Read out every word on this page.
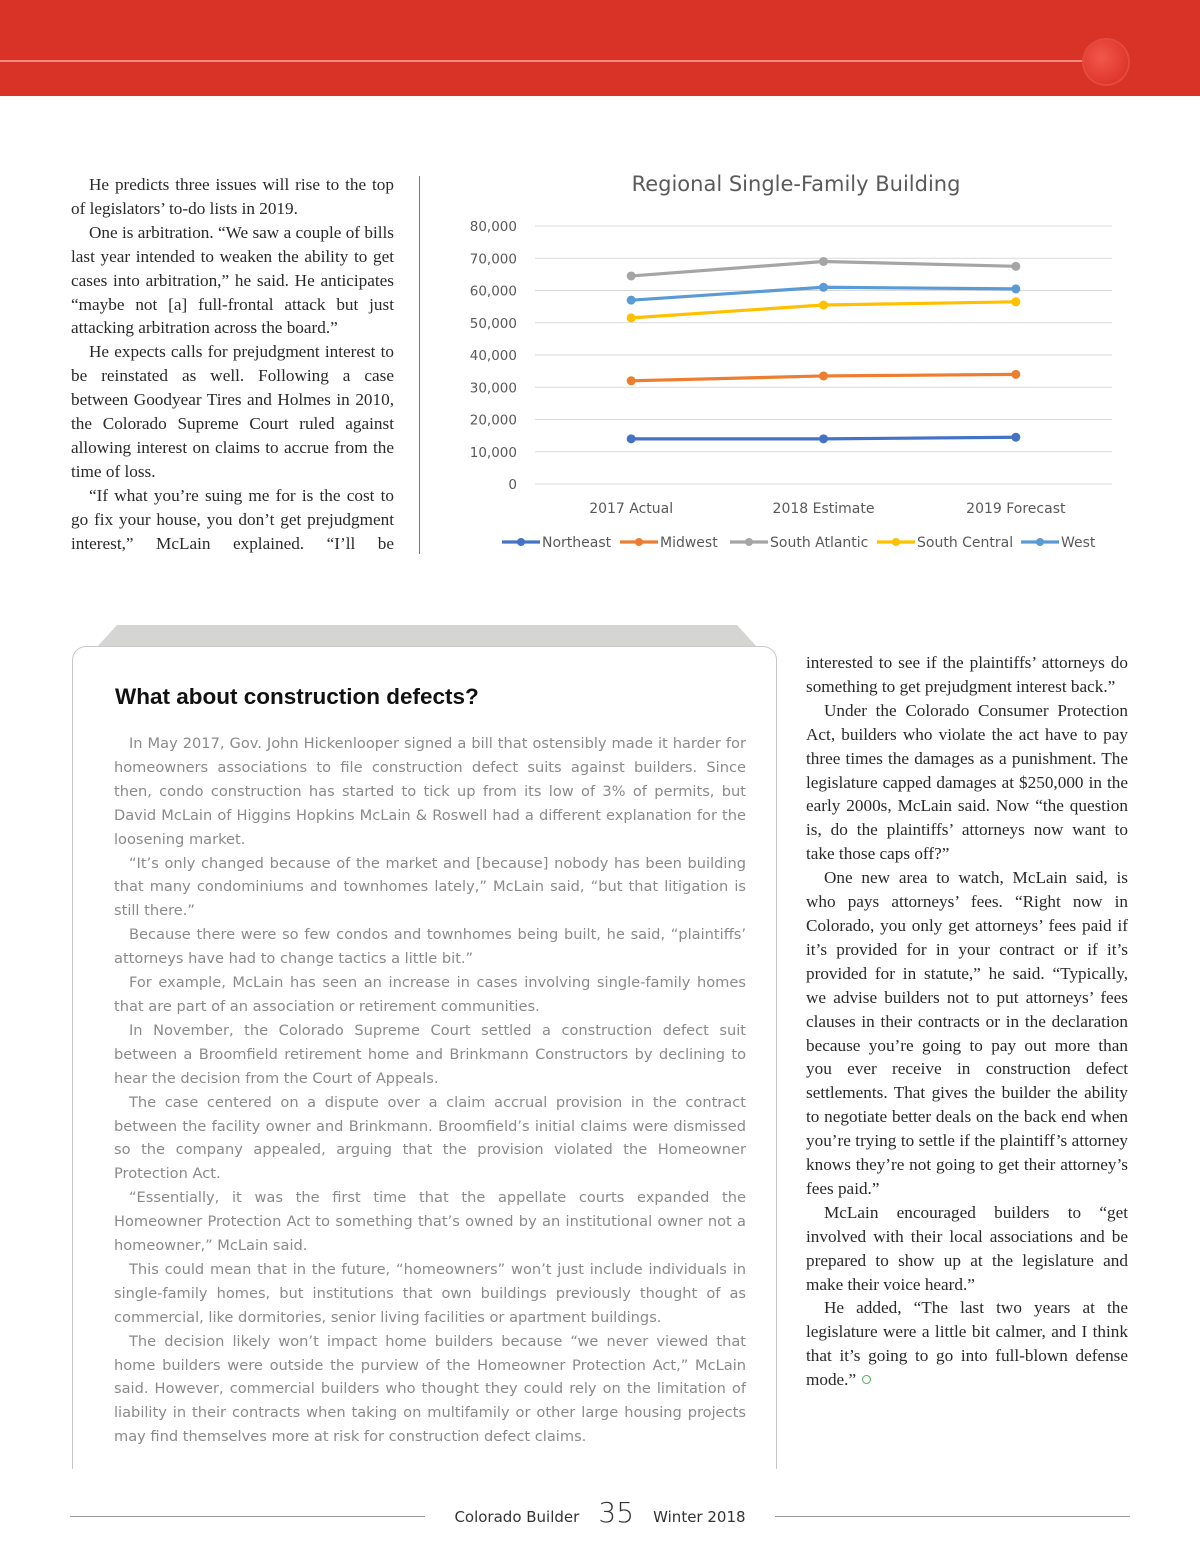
He predicts three issues will rise to the top of legislators’ to-do lists in 2019.

One is arbitration. “We saw a couple of bills last year intended to weaken the ability to get cases into arbitration,” he said. He anticipates “maybe not [a] full-frontal attack but just attacking arbitration across the board.”

He expects calls for prejudgment interest to be reinstated as well. Following a case between Goodyear Tires and Holmes in 2010, the Colorado Supreme Court ruled against allowing interest on claims to accrue from the time of loss.

“If what you’re suing me for is the cost to go fix your house, you don’t get prejudgment interest,” McLain explained. “I’ll be

Regional Single-Family Building
0
10,000
20,000
30,000
40,000
50,000
60,000
70,000
80,000
2017 Actual	2018 Estimate	2019 Forecast
Northeast	Midwest	South Atlantic	South Central	West
What about construction defects?

In May 2017, Gov. John Hickenlooper signed a bill that ostensibly made it harder for homeowners associations to file construction defect suits against builders. Since then, condo construction has started to tick up from its low of 3% of permits, but David McLain of Higgins Hopkins McLain & Roswell had a different explanation for the loosening market.

“It’s only changed because of the market and [because] nobody has been building that many condominiums and townhomes lately,” McLain said, “but that litigation is still there.”

Because there were so few condos and townhomes being built, he said, “plaintiffs’ attorneys have had to change tactics a little bit.”

For example, McLain has seen an increase in cases involving single-family homes that are part of an association or retirement communities.

In November, the Colorado Supreme Court settled a construction defect suit between a Broomfield retirement home and Brinkmann Constructors by declining to hear the decision from the Court of Appeals.

The case centered on a dispute over a claim accrual provision in the contract between the facility owner and Brinkmann. Broomfield’s initial claims were dismissed so the company appealed, arguing that the provision violated the Homeowner Protection Act.

“Essentially, it was the first time that the appellate courts expanded the Homeowner Protection Act to something that’s owned by an institutional owner not a homeowner,” McLain said.

This could mean that in the future, “homeowners” won’t just include individuals in single-family homes, but institutions that own buildings previously thought of as commercial, like dormitories, senior living facilities or apartment buildings.

The decision likely won’t impact home builders because “we never viewed that home builders were outside the purview of the Homeowner Protection Act,” McLain said. However, commercial builders who thought they could rely on the limitation of liability in their contracts when taking on multifamily or other large housing projects may find themselves more at risk for construction defect claims.

interested to see if the plaintiffs’ attorneys do something to get prejudgment interest back.”

Under the Colorado Consumer Protection Act, builders who violate the act have to pay three times the damages as a punishment. The legislature capped damages at $250,000 in the early 2000s, McLain said. Now “the question is, do the plaintiffs’ attorneys now want to take those caps off?”

One new area to watch, McLain said, is who pays attorneys’ fees. “Right now in Colorado, you only get attorneys’ fees paid if it’s provided for in your contract or if it’s provided for in statute,” he said. “Typically, we advise builders not to put attorneys’ fees clauses in their contracts or in the declaration because you’re going to pay out more than you ever receive in construction defect settlements. That gives the builder the ability to negotiate better deals on the back end when you’re trying to settle if the plaintiff’s attorney knows they’re not going to get their attorney’s fees paid.”

McLain encouraged builders to “get involved with their local associations and be prepared to show up at the legislature and make their voice heard.”

He added, “The last two years at the legislature were a little bit calmer, and I think that it’s going to go into full-blown defense mode.”

Colorado Builder 35 Winter 2018
